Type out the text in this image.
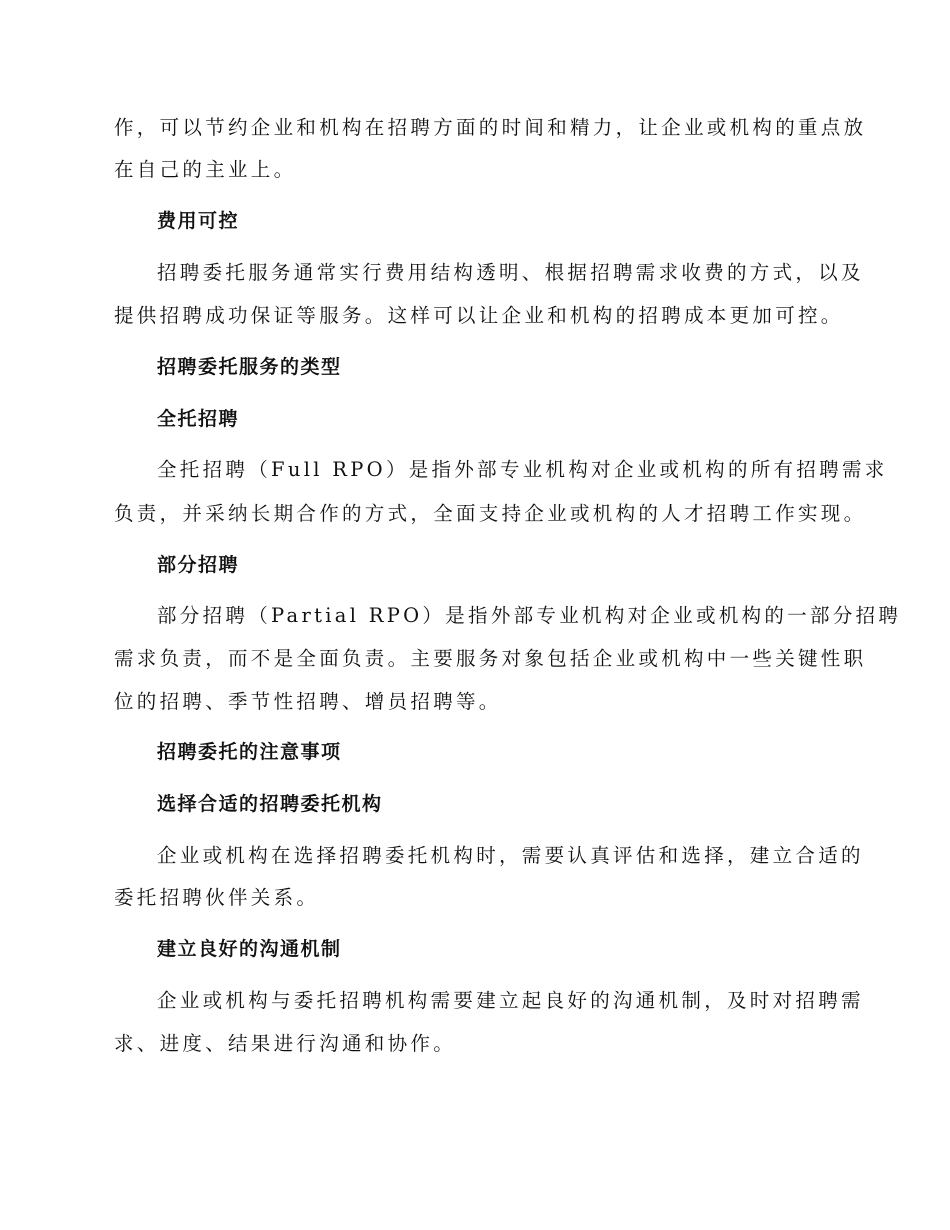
作，可以节约企业和机构在招聘方面的时间和精力，让企业或机构的重点放
在自己的主业上。
费用可控
招聘委托服务通常实行费用结构透明、根据招聘需求收费的方式，以及
提供招聘成功保证等服务。这样可以让企业和机构的招聘成本更加可控。
招聘委托服务的类型
全托招聘
全托招聘（Full RPO）是指外部专业机构对企业或机构的所有招聘需求
负责，并采纳长期合作的方式，全面支持企业或机构的人才招聘工作实现。
部分招聘
部分招聘（Partial RPO）是指外部专业机构对企业或机构的一部分招聘
需求负责，而不是全面负责。主要服务对象包括企业或机构中一些关键性职
位的招聘、季节性招聘、增员招聘等。
招聘委托的注意事项
选择合适的招聘委托机构
企业或机构在选择招聘委托机构时，需要认真评估和选择，建立合适的
委托招聘伙伴关系。
建立良好的沟通机制
企业或机构与委托招聘机构需要建立起良好的沟通机制，及时对招聘需
求、进度、结果进行沟通和协作。
